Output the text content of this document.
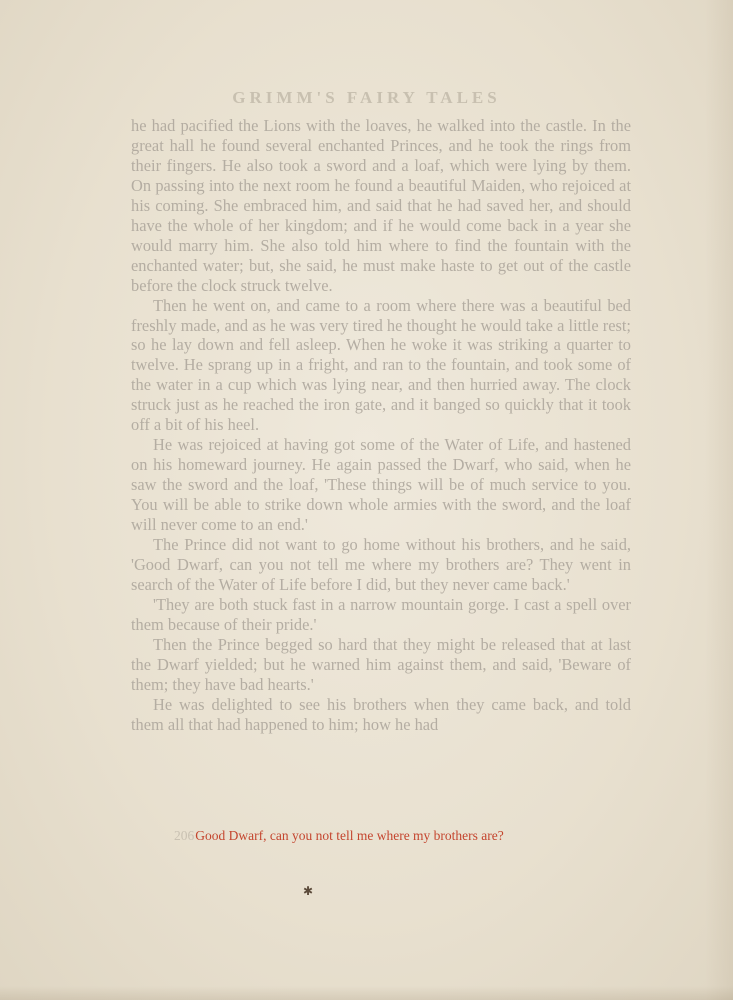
GRIMM'S FAIRY TALES

he had pacified the Lions with the loaves, he walked into the castle. In the great hall he found several enchanted Princes, and he took the rings from their fingers. He also took a sword and a loaf, which were lying by them. On passing into the next room he found a beautiful Maiden, who rejoiced at his coming. She embraced him, and said that he had saved her, and should have the whole of her kingdom; and if he would come back in a year she would marry him. She also told him where to find the fountain with the enchanted water; but, she said, he must make haste to get out of the castle before the clock struck twelve.

Then he went on, and came to a room where there was a beautiful bed freshly made, and as he was very tired he thought he would take a little rest; so he lay down and fell asleep. When he woke it was striking a quarter to twelve. He sprang up in a fright, and ran to the fountain, and took some of the water in a cup which was lying near, and then hurried away. The clock struck just as he reached the iron gate, and it banged so quickly that it took off a bit of his heel.

He was rejoiced at having got some of the Water of Life, and hastened on his homeward journey. He again passed the Dwarf, who said, when he saw the sword and the loaf, 'These things will be of much service to you. You will be able to strike down whole armies with the sword, and the loaf will never come to an end.'

The Prince did not want to go home without his brothers, and he said, 'Good Dwarf, can you not tell me where my brothers are? They went in search of the Water of Life before I did, but they never came back.'

'They are both stuck fast in a narrow mountain gorge. I cast a spell over them because of their pride.'

Then the Prince begged so hard that they might be released that at last the Dwarf yielded; but he warned him against them, and said, 'Beware of them; they have bad hearts.'

He was delighted to see his brothers when they came back, and told them all that had happened to him; how he had

206Good Dwarf, can you not tell me where my brothers are?
✱
